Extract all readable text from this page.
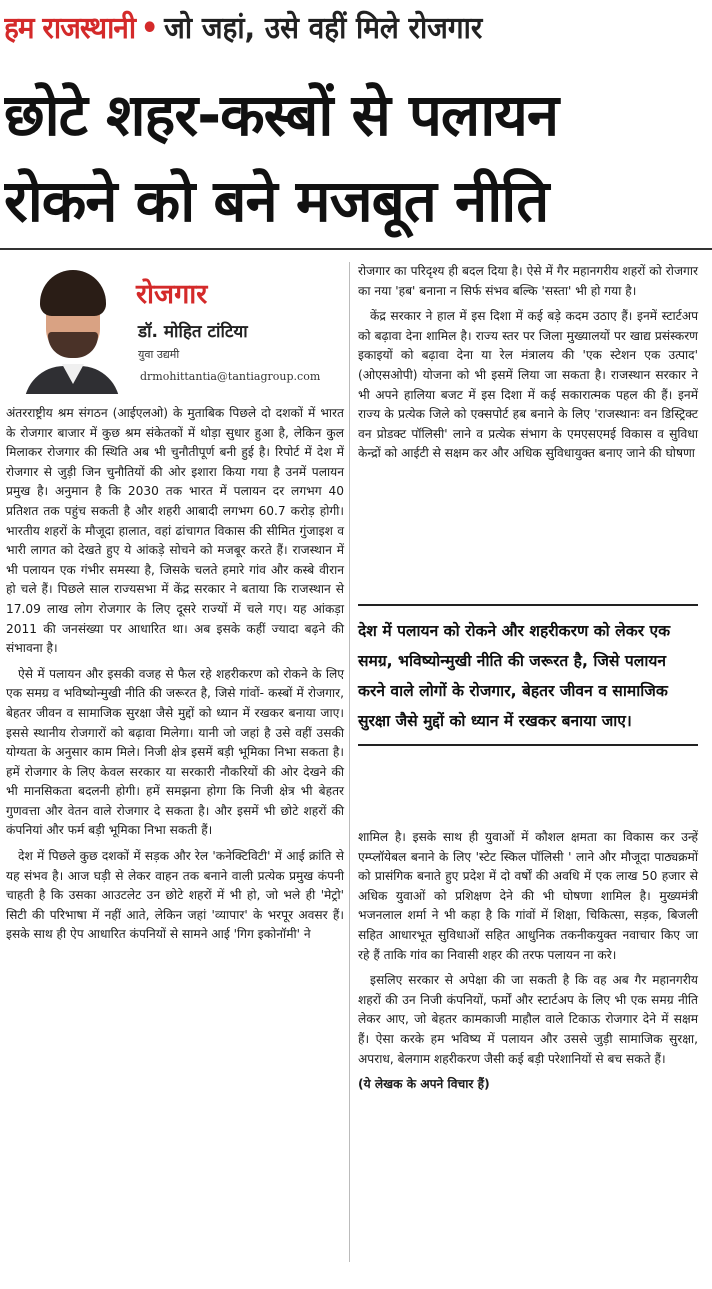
हम राजस्थानी • जो जहां, उसे वहीं मिले रोजगार
छोटे शहर-कस्बों से पलायन
रोकने को बने मजबूत नीति
रोजगार
डॉ. मोहित टांटिया
युवा उद्यमी
drmohittantia@tantiagroup.com

अंतरराष्ट्रीय श्रम संगठन (आईएलओ) के मुताबिक पिछले दो दशकों में भारत के रोजगार बाजार में कुछ श्रम संकेतकों में थोड़ा सुधार हुआ है, लेकिन कुल मिलाकर रोजगार की स्थिति अब भी चुनौतीपूर्ण बनी हुई है। रिपोर्ट में देश में रोजगार से जुड़ी जिन चुनौतियों की ओर इशारा किया गया है उनमें पलायन प्रमुख है। अनुमान है कि 2030 तक भारत में पलायन दर लगभग 40 प्रतिशत तक पहुंच सकती है और शहरी आबादी लगभग 60.7 करोड़ होगी। भारतीय शहरों के मौजूदा हालात, वहां ढांचागत विकास की सीमित गुंजाइश व भारी लागत को देखते हुए ये आंकड़े सोचने को मजबूर करते हैं। राजस्थान में भी पलायन एक गंभीर समस्या है, जिसके चलते हमारे गांव और कस्बे वीरान हो चले हैं। पिछले साल राज्यसभा में केंद्र सरकार ने बताया कि राजस्थान से 17.09 लाख लोग रोजगार के लिए दूसरे राज्यों में चले गए। यह आंकड़ा 2011 की जनसंख्या पर आधारित था। अब इसके कहीं ज्यादा बढ़ने की संभावना है।

ऐसे में पलायन और इसकी वजह से फैल रहे शहरीकरण को रोकने के लिए एक समग्र व भविष्योन्मुखी नीति की जरूरत है, जिसे गांवों- कस्बों में रोजगार, बेहतर जीवन व सामाजिक सुरक्षा जैसे मुद्दों को ध्यान में रखकर बनाया जाए। इससे स्थानीय रोजगारों को बढ़ावा मिलेगा। यानी जो जहां है उसे वहीं उसकी योग्यता के अनुसार काम मिले। निजी क्षेत्र इसमें बड़ी भूमिका निभा सकता है। हमें रोजगार के लिए केवल सरकार या सरकारी नौकरियों की ओर देखने की भी मानसिकता बदलनी होगी। हमें समझना होगा कि निजी क्षेत्र भी बेहतर गुणवत्ता और वेतन वाले रोजगार दे सकता है। और इसमें भी छोटे शहरों की कंपनियां और फर्म बड़ी भूमिका निभा सकती हैं।

देश में पिछले कुछ दशकों में सड़क और रेल 'कनेक्टिविटी' में आई क्रांति से यह संभव है। आज घड़ी से लेकर वाहन तक बनाने वाली प्रत्येक प्रमुख कंपनी चाहती है कि उसका आउटलेट उन छोटे शहरों में भी हो, जो भले ही 'मेट्रो' सिटी की परिभाषा में नहीं आते, लेकिन जहां 'व्यापार' के भरपूर अवसर हैं। इसके साथ ही ऐप आधारित कंपनियों से सामने आई 'गिग इकोनॉमी' ने

रोजगार का परिदृश्य ही बदल दिया है। ऐसे में गैर महानगरीय शहरों को रोजगार का नया 'हब' बनाना न सिर्फ संभव बल्कि 'सस्ता' भी हो गया है।

केंद्र सरकार ने हाल में इस दिशा में कई बड़े कदम उठाए हैं। इनमें स्टार्टअप को बढ़ावा देना शामिल है। राज्य स्तर पर जिला मुख्यालयों पर खाद्य प्रसंस्करण इकाइयों को बढ़ावा देना या रेल मंत्रालय की 'एक स्टेशन एक उत्पाद' (ओएसओपी) योजना को भी इसमें लिया जा सकता है। राजस्थान सरकार ने भी अपने हालिया बजट में इस दिशा में कई सकारात्मक पहल की हैं। इनमें राज्य के प्रत्येक जिले को एक्सपोर्ट हब बनाने के लिए 'राजस्थानः वन डिस्ट्रिक्ट वन प्रोडक्ट पॉलिसी' लाने व प्रत्येक संभाग के एमएसएमई विकास व सुविधा केन्द्रों को आईटी से सक्षम कर और अधिक सुविधायुक्त बनाए जाने की घोषणा

देश में पलायन को रोकने और शहरीकरण को लेकर एक समग्र, भविष्योन्मुखी नीति की जरूरत है, जिसे पलायन करने वाले लोगों के रोजगार, बेहतर जीवन व सामाजिक सुरक्षा जैसे मुद्दों को ध्यान में रखकर बनाया जाए।

शामिल है। इसके साथ ही युवाओं में कौशल क्षमता का विकास कर उन्हें एम्प्लॉयेबल बनाने के लिए 'स्टेट स्किल पॉलिसी ' लाने और मौजूदा पाठ्यक्रमों को प्रासंगिक बनाते हुए प्रदेश में दो वर्षों की अवधि में एक लाख 50 हजार से अधिक युवाओं को प्रशिक्षण देने की भी घोषणा शामिल है। मुख्यमंत्री भजनलाल शर्मा ने भी कहा है कि गांवों में शिक्षा, चिकित्सा, सड़क, बिजली सहित आधारभूत सुविधाओं सहित आधुनिक तकनीकयुक्त नवाचार किए जा रहे हैं ताकि गांव का निवासी शहर की तरफ पलायन ना करे।

इसलिए सरकार से अपेक्षा की जा सकती है कि वह अब गैर महानगरीय शहरों की उन निजी कंपनियों, फर्मों और स्टार्टअप के लिए भी एक समग्र नीति लेकर आए, जो बेहतर कामकाजी माहौल वाले टिकाऊ रोजगार देने में सक्षम हैं। ऐसा करके हम भविष्य में पलायन और उससे जुड़ी सामाजिक सुरक्षा, अपराध, बेलगाम शहरीकरण जैसी कई बड़ी परेशानियों से बच सकते हैं।

(ये लेखक के अपने विचार हैं)
